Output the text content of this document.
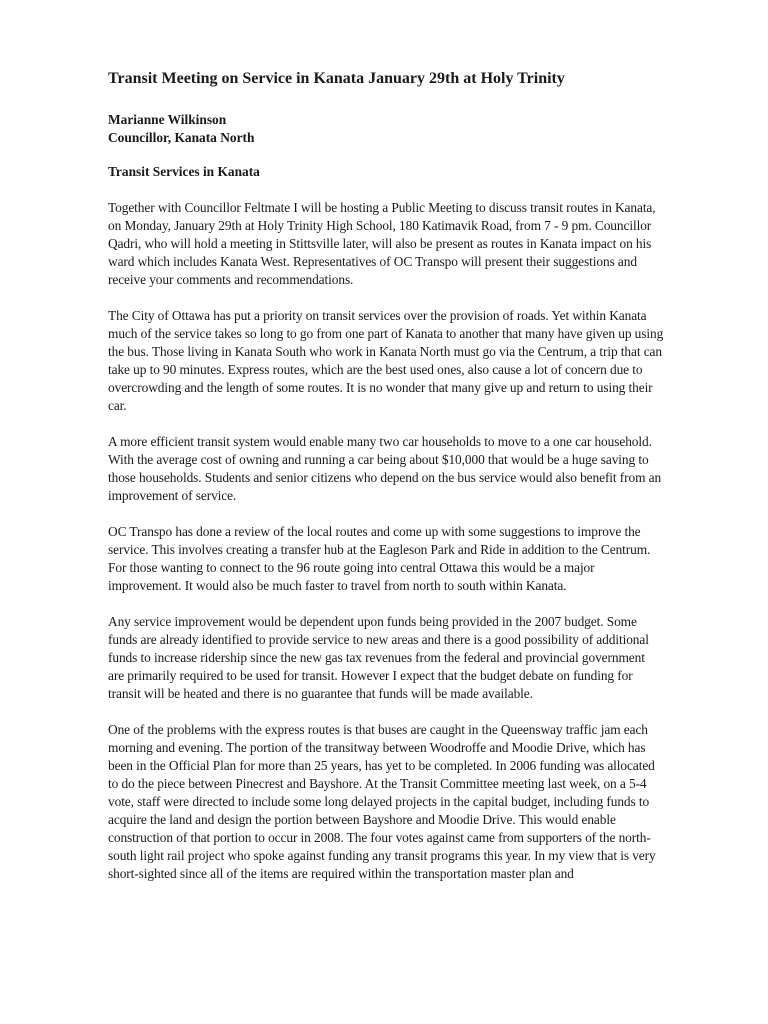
Transit Meeting on Service in Kanata January 29th at Holy Trinity

Marianne Wilkinson

Councillor, Kanata North

Transit Services in Kanata

Together with Councillor Feltmate I will be hosting a Public Meeting to discuss transit routes in Kanata, on Monday, January 29th at Holy Trinity High School, 180 Katimavik Road, from 7 - 9 pm. Councillor Qadri, who will hold a meeting in Stittsville later, will also be present as routes in Kanata impact on his ward which includes Kanata West. Representatives of OC Transpo will present their suggestions and receive your comments and recommendations.

The City of Ottawa has put a priority on transit services over the provision of roads. Yet within Kanata much of the service takes so long to go from one part of Kanata to another that many have given up using the bus. Those living in Kanata South who work in Kanata North must go via the Centrum, a trip that can take up to 90 minutes. Express routes, which are the best used ones, also cause a lot of concern due to overcrowding and the length of some routes. It is no wonder that many give up and return to using their car.

A more efficient transit system would enable many two car households to move to a one car household. With the average cost of owning and running a car being about $10,000 that would be a huge saving to those households. Students and senior citizens who depend on the bus service would also benefit from an improvement of service.

OC Transpo has done a review of the local routes and come up with some suggestions to improve the service. This involves creating a transfer hub at the Eagleson Park and Ride in addition to the Centrum. For those wanting to connect to the 96 route going into central Ottawa this would be a major improvement. It would also be much faster to travel from north to south within Kanata.

Any service improvement would be dependent upon funds being provided in the 2007 budget. Some funds are already identified to provide service to new areas and there is a good possibility of additional funds to increase ridership since the new gas tax revenues from the federal and provincial government are primarily required to be used for transit. However I expect that the budget debate on funding for transit will be heated and there is no guarantee that funds will be made available.

One of the problems with the express routes is that buses are caught in the Queensway traffic jam each morning and evening. The portion of the transitway between Woodroffe and Moodie Drive, which has been in the Official Plan for more than 25 years, has yet to be completed. In 2006 funding was allocated to do the piece between Pinecrest and Bayshore. At the Transit Committee meeting last week, on a 5-4 vote, staff were directed to include some long delayed projects in the capital budget, including funds to acquire the land and design the portion between Bayshore and Moodie Drive. This would enable construction of that portion to occur in 2008. The four votes against came from supporters of the north-south light rail project who spoke against funding any transit programs this year. In my view that is very short-sighted since all of the items are required within the transportation master plan and
